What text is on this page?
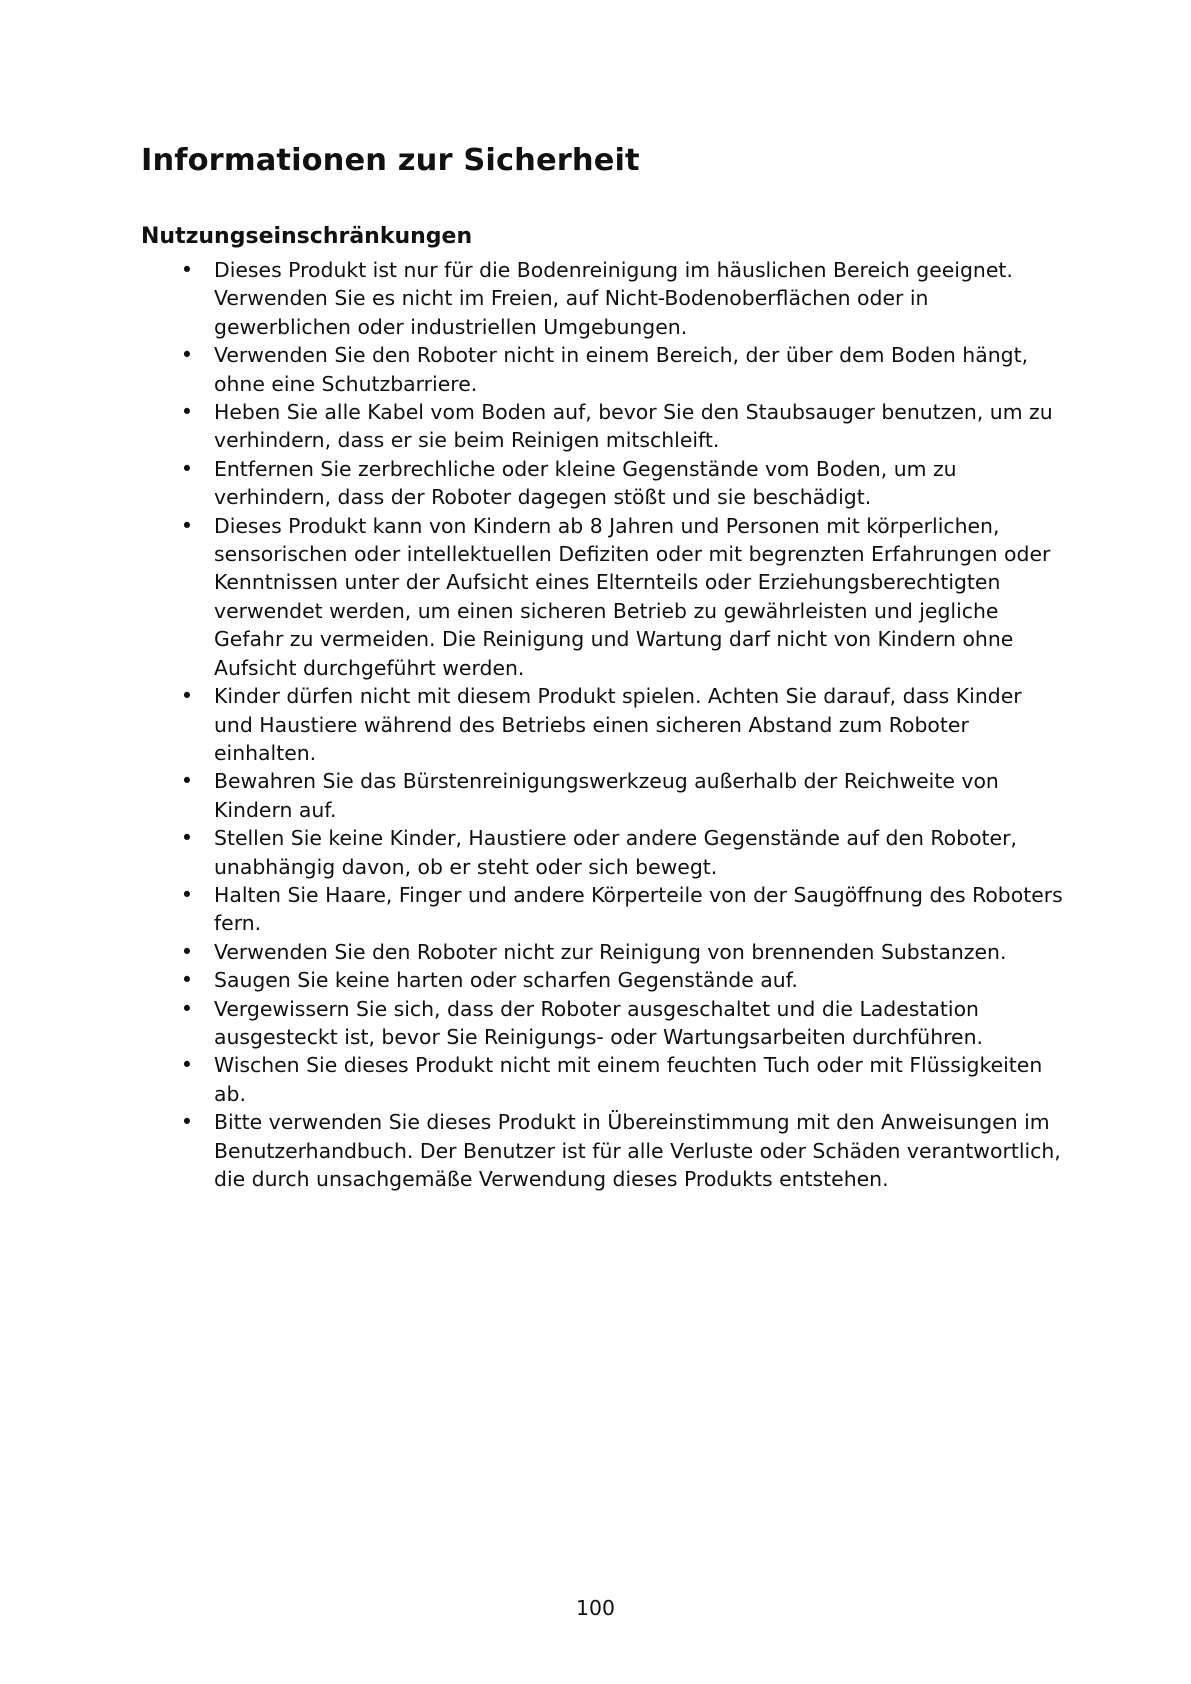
Informationen zur Sicherheit
Nutzungseinschränkungen
• Dieses Produkt ist nur für die Bodenreinigung im häuslichen Bereich geeignet. Verwenden Sie es nicht im Freien, auf Nicht-Bodenoberflächen oder in gewerblichen oder industriellen Umgebungen.
• Verwenden Sie den Roboter nicht in einem Bereich, der über dem Boden hängt, ohne eine Schutzbarriere.
• Heben Sie alle Kabel vom Boden auf, bevor Sie den Staubsauger benutzen, um zu verhindern, dass er sie beim Reinigen mitschleift.
• Entfernen Sie zerbrechliche oder kleine Gegenstände vom Boden, um zu verhindern, dass der Roboter dagegen stößt und sie beschädigt.
• Dieses Produkt kann von Kindern ab 8 Jahren und Personen mit körperlichen, sensorischen oder intellektuellen Defiziten oder mit begrenzten Erfahrungen oder Kenntnissen unter der Aufsicht eines Elternteils oder Erziehungsberechtigten verwendet werden, um einen sicheren Betrieb zu gewährleisten und jegliche Gefahr zu vermeiden. Die Reinigung und Wartung darf nicht von Kindern ohne Aufsicht durchgeführt werden.
• Kinder dürfen nicht mit diesem Produkt spielen. Achten Sie darauf, dass Kinder und Haustiere während des Betriebs einen sicheren Abstand zum Roboter einhalten.
• Bewahren Sie das Bürstenreinigungswerkzeug außerhalb der Reichweite von Kindern auf.
• Stellen Sie keine Kinder, Haustiere oder andere Gegenstände auf den Roboter, unabhängig davon, ob er steht oder sich bewegt.
• Halten Sie Haare, Finger und andere Körperteile von der Saugöffnung des Roboters fern.
• Verwenden Sie den Roboter nicht zur Reinigung von brennenden Substanzen.
• Saugen Sie keine harten oder scharfen Gegenstände auf.
• Vergewissern Sie sich, dass der Roboter ausgeschaltet und die Ladestation ausgesteckt ist, bevor Sie Reinigungs- oder Wartungsarbeiten durchführen.
• Wischen Sie dieses Produkt nicht mit einem feuchten Tuch oder mit Flüssigkeiten ab.
• Bitte verwenden Sie dieses Produkt in Übereinstimmung mit den Anweisungen im Benutzerhandbuch. Der Benutzer ist für alle Verluste oder Schäden verantwortlich, die durch unsachgemäße Verwendung dieses Produkts entstehen.

100
